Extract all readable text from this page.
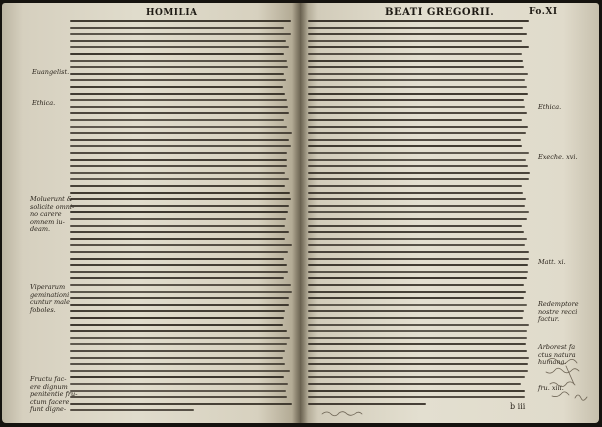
HOMILIA
Euangelist.
Ethica.
Moluerunt &
solicite omni-
no carere
omnem iu-
deam.
Viperarum
geminationi
cuntur male
foboles.
Fructu fac-
ere dignum
penitentie fru-
ctum facere
funt digne-
BEATI GREGORII.	Fo.XI
Ethica.
Exeche. xvi.
Matt. xi.
Redemptore
nostre recci
factur.
Arborest fa
ctus natura
humana.
fru. xiii.
b iii
